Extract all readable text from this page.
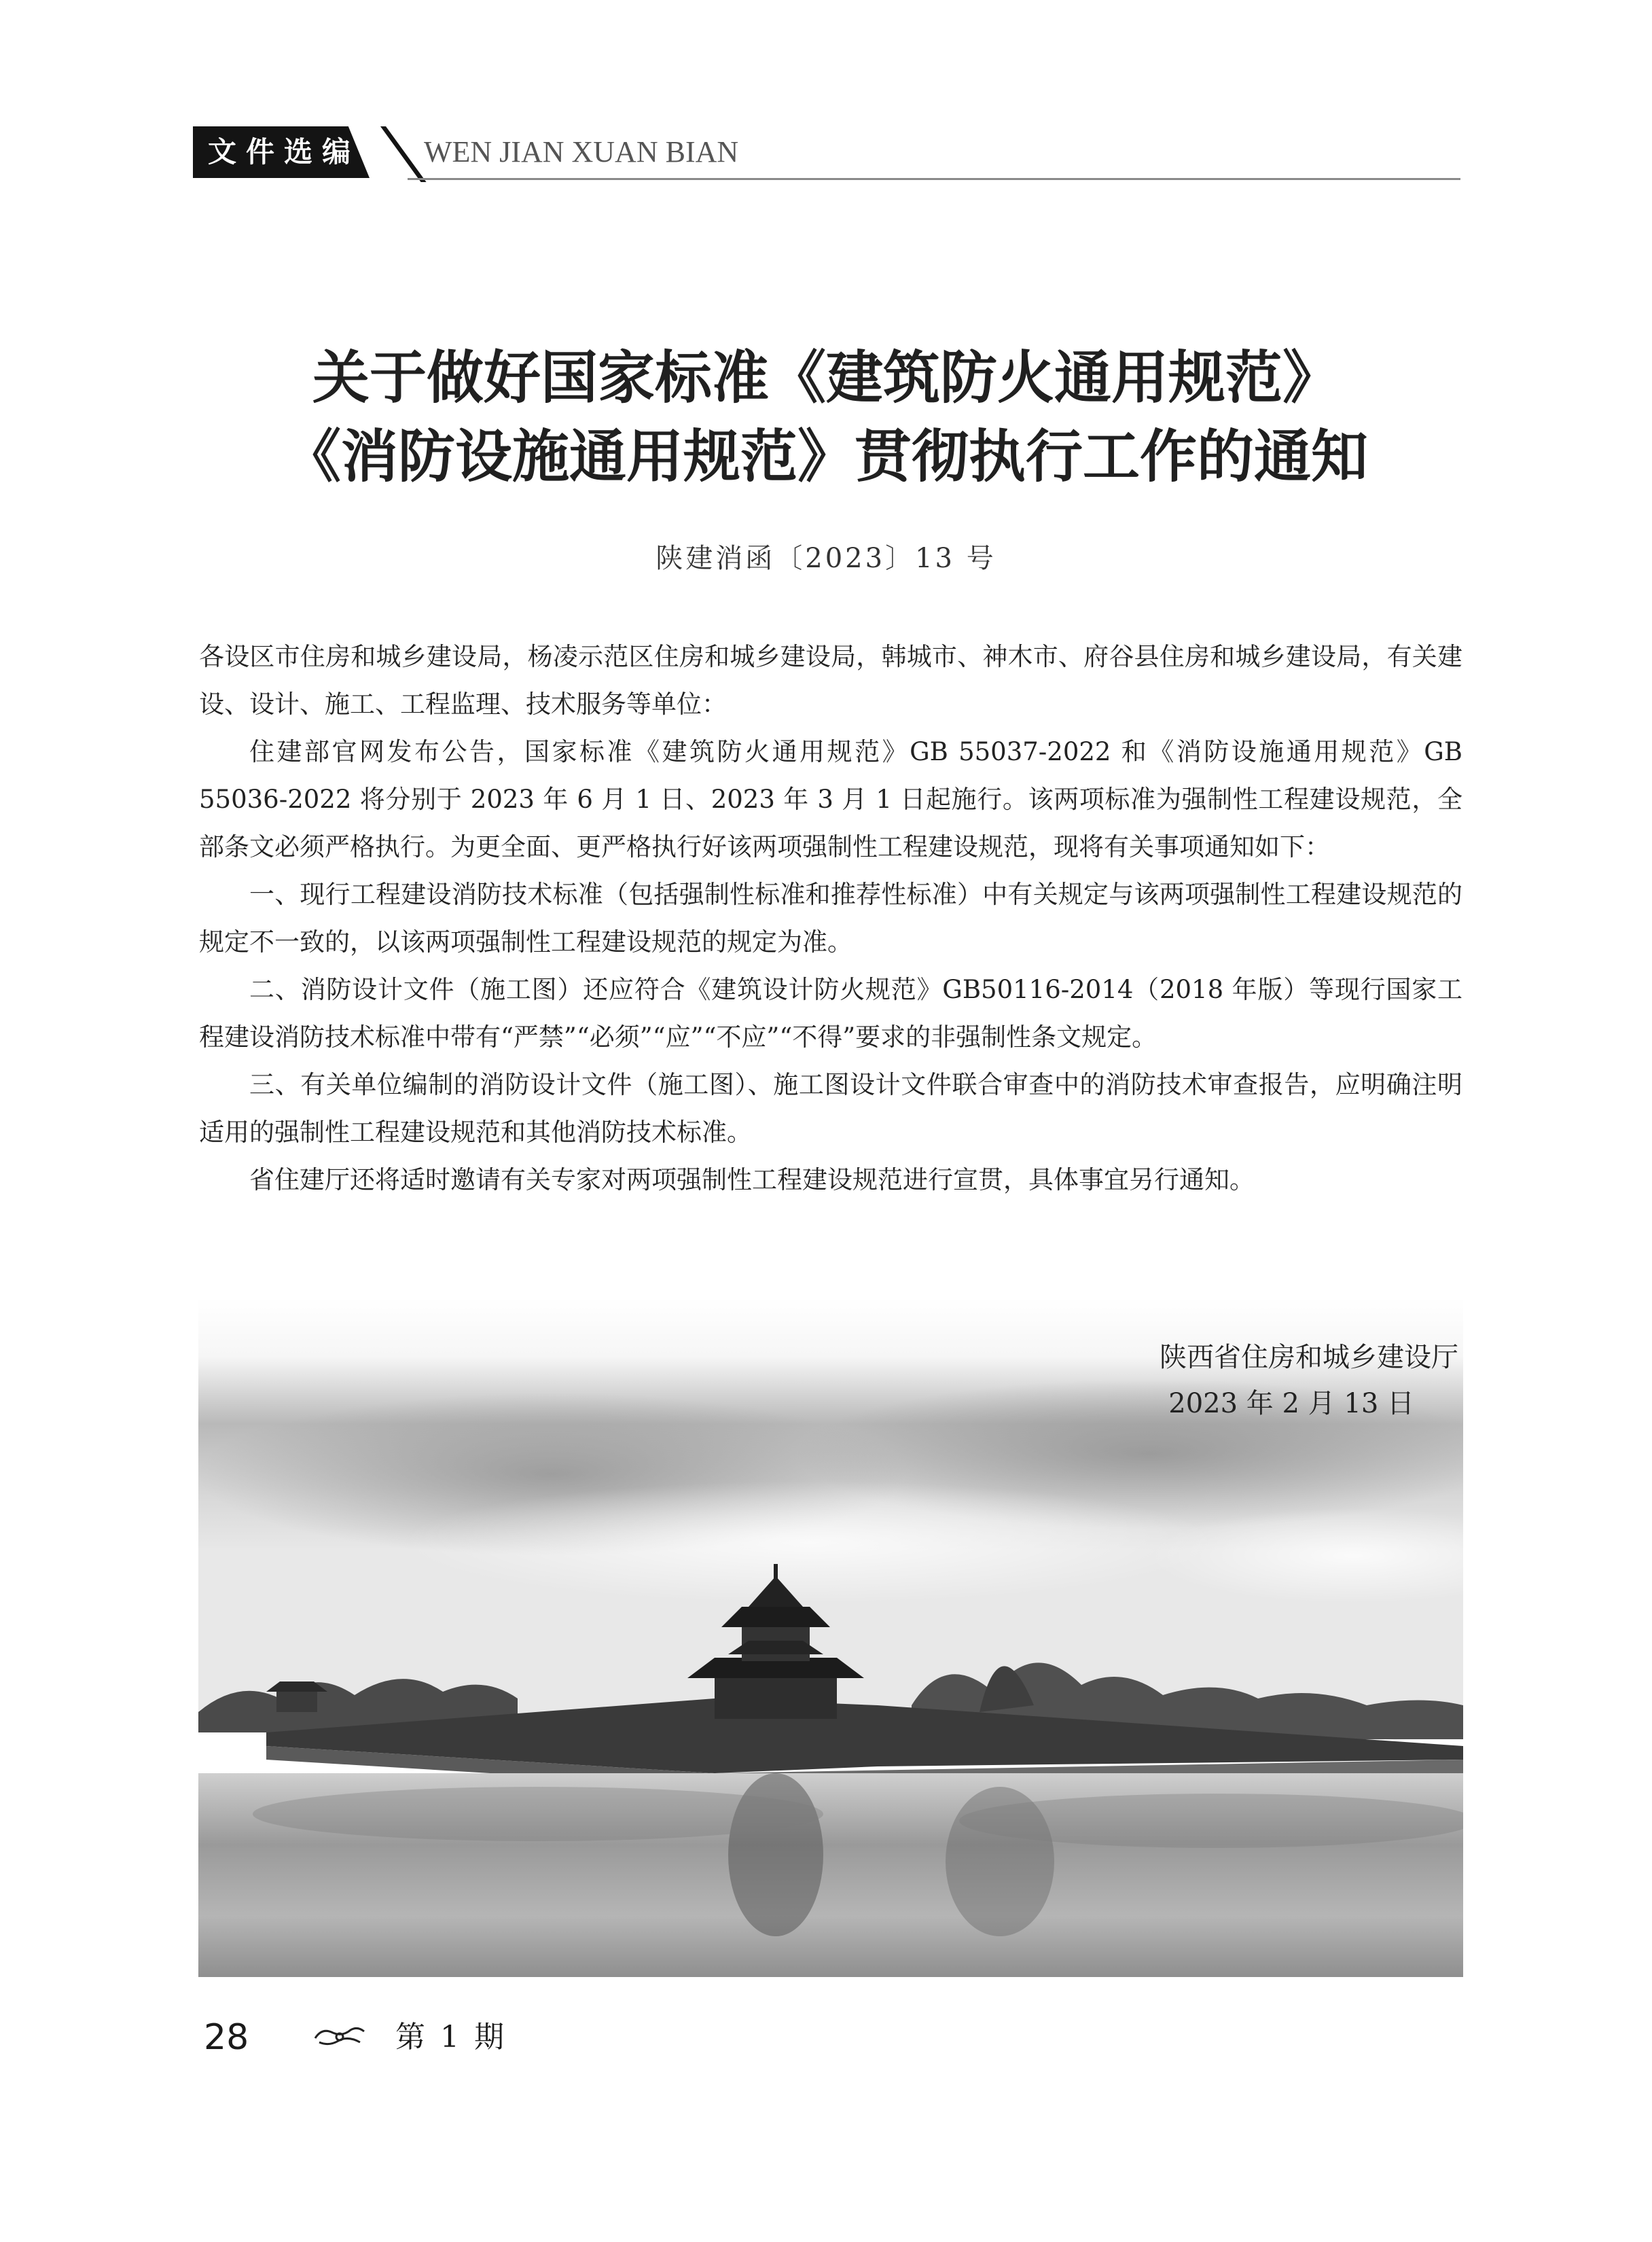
文件选编 WEN JIAN XUAN BIAN
关于做好国家标准《建筑防火通用规范》
《消防设施通用规范》贯彻执行工作的通知
陕建消函〔2023〕13 号

各设区市住房和城乡建设局，杨凌示范区住房和城乡建设局，韩城市、神木市、府谷县住房和城乡建设局，有关建设、设计、施工、工程监理、技术服务等单位：

住建部官网发布公告，国家标准《建筑防火通用规范》GB 55037-2022 和《消防设施通用规范》GB 55036-2022 将分别于 2023 年 6 月 1 日、2023 年 3 月 1 日起施行。该两项标准为强制性工程建设规范，全部条文必须严格执行。为更全面、更严格执行好该两项强制性工程建设规范，现将有关事项通知如下：

一、现行工程建设消防技术标准（包括强制性标准和推荐性标准）中有关规定与该两项强制性工程建设规范的规定不一致的，以该两项强制性工程建设规范的规定为准。

二、消防设计文件（施工图）还应符合《建筑设计防火规范》GB50116-2014（2018 年版）等现行国家工程建设消防技术标准中带有“严禁”“必须”“应”“不应”“不得”要求的非强制性条文规定。

三、有关单位编制的消防设计文件（施工图）、施工图设计文件联合审查中的消防技术审查报告，应明确注明适用的强制性工程建设规范和其他消防技术标准。

省住建厅还将适时邀请有关专家对两项强制性工程建设规范进行宣贯，具体事宜另行通知。

陕西省住房和城乡建设厅
2023 年 2 月 13 日
28	第 1 期
